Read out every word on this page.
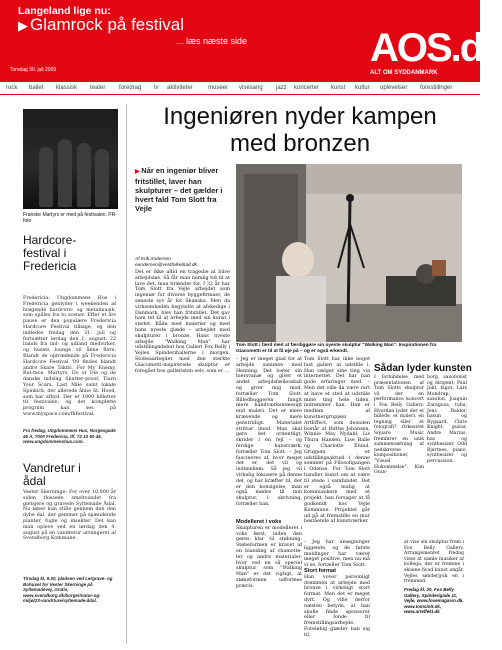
Langeland lige nu:
▶ Glamrock på festival
... læs næste side
Torsdag 30. juli 2009	AOS.dk
ALT OM SYDDANMARK
rock ballet klassisk teater foredrag tv aktiviteter	museer visesang jazz koncerter kunst kultur oplevelser forestillinger
Franske Martyrs er med på festivalen. PR-foto
Hardcore-festival i Fredericia
Fredericia: Ungdommens Hus i Fredericia genlyder i weekenden af brøgende hardcore- og metalmusik, som spilles fra to scener. Efter et års pause er den populære Fredericia Hardcore Festival tilbage, og den indledes fredag den 31. juli og fortsætter lørdag den 1. august. 22 bands fra ind- og udland medvirker, og husets lounge vil åbne flere. Blandt de optrædende på Fredericia Hardcore Festival '09 findes blandt andre Skare Taktic, For My Enemy, Rat-face, Martyrs, Do or Die og de danske indslag Shatter-proof, Tiarn Your Scars, Last Mile samt lokale Spinkick, der allerede åbne St. Hood, som har afbyd. Der er 1000 billetter til festivalen, og det komplette program kan ses på www.myspace.com/fhfestival.
Fra fredag, Ungdommens Hus, Norgesgade 45 A, 7000 Fredericia, tlf. 72 10 60 45, www.ungdommenshus.com.
Vandretur i ådal
Vester Skerninge: For over 10.000 år siden flossede smeltvandet fra gletsjere og gravede Syltemade Ådal. Nu løber kun stille gennem den den dybe dal, der gemmer på spændende planter, fugle og insekter. Det kan man opleve ved en lørdag den 4. august på en vandretur arrangeret af Svendborg Kommune.
Tirsdag kl. 9.30, pladsen ved Lergrave- og Bohuset for Vester Skerninge på Syltemadevej, Gratis, www.svendborg.dk/borger/natur-og-miljø/23-vandrture/syltemade-ådal.
Ingeniøren nyder kampen med bronzen
▶ Når en ingeniør bliver fritstillet, laver han skulpturer – det gælder i hvert fald Tom Slott fra Vejle
Af Erik Andersen
eandersen@vestfolkeblad.dk
Det er ikke altid en tragedie at blive arbejdsløs. Så får man nemlig tid til at lave det, man brænder for. I 32 år har Tom Slott fra Vejle arbejdet som ingeniør for diverse byggefirmaer, de seneste syv år for Skanska. Men da virksomheden begyndte at afskedige i Danmark, blev han fritstillet. Det gav ham tid til at arbejde med sin kunst i stedet. Både med malerier og med hans nyeste glæde – arbejdet med skulpturer i bronze. Hans nyeste arbejde "Walking Man" har udstillingsdebut hos Galleri Fox Belly i Vejles Spinderihallerne i morgen. Stobeaarbejdet med den sterkte Giacometti-inspirerede skulptur er foregået hos galleristen selv, som er ...
Tom Slott i færd med at færdiggøre sin nyeste skulptur "Walking Man". Inspirationen fra Giacometti er til at få øje på – og er også erkendt.
– Jeg er meget glad for at arbejde sammen med Henning. Det loster sin hiersvanæ og giver et andet arbejdsfællesskab og giver mig mod, fortæller Tom Slott. Billedhuggeren fangit mere håndværksmæssigt end maleri. Det er mere krævende og mere genstridigt. Materialet strittar imod. Man skal gøre det ordentligt, skrider i én fejl – og ferdige kunstværk, fortæller Tom Slott. – Jeg fascineres af, hvor meget det er, det vil og indimellem. Så jeg vil virkelig fokusere på denne del, og har kræfter til, der er den konsigelse, man også mødes til min skulptur, i skrivning, fortæller han.
Modelleret i voks
Skulpturen er modelleret i voks først, inden den gøres klar til støbning. Støbeformen er kravet af en blanding af chamotte-ler og andre materialer, hvor ved en så speciel skulptur som "Walking Man" er det vigtigt, at støbeformen udformes præcis.
Tom Slott har ikke noget fast galleri at udstille i. Han sælger sine ting via internettet. Det har han gode erfaringer med. – Men det ville da være rart at have et sted at udstille mine ting hele tiden, indrømmer han. Han er medlem af kunstnergruppen ArtEffect, som desuden består af Birthe Johansen, Winnie May Nydahl, Lis Thura Hansen, Lise Balle og Charlotte Elund. Gruppen er udstillingsaktuel i denne sommer på Filosofigangen i Odense. For Tom Slott handler kunst om at være til stede i samfundet. Det er også mulig at kommunikere med et projekt, han forsager at få godkendt hos Vejle Kommune. Projektet går ud på at fremstille en mur bestående af kunstværker.
Sådan lyder kunsten
I forbindelse med præsentationen af Tom Slotts skulptur vil der en performance koncert i Fox Belly Gallery. Hvordan lyder der et billede, et maleri, en tegning eller et fotografi? Orkestret Square Music fremfører en unik sammensætning af nedskrevne kompositioner, "Visuel Hukommelse". Kim Gran-
borg, saxofonist og dirigent, Paul Jukl, fagot, Lars Mondrup, saxofon, Joaquin Zaragoza, tuba, Jens Balder, basun og Rygaard, Chris Knight, guitar, Andre Marius, bas og synthesizer, Odd Bjertnes, piano, synthesizer og percussion.
– Jeg har ansøgninger liggende, og de første meldinger har været meget positive, men nu må vi se, fortæller Tom Slott.
Stort format
Han vover personligt drømmen at arbejde med bronze i virkeligt stort format. Men det er meget dyrt. Og ville derfor næsten betyde, at han skulle finde sponsorer eller fonde til fremstillingsarbejde. Foreløbig glæder han sig til
at vise sin skulptur frem i Fox Belly Gallery. Arrangementet fredag vises at samle musiker af kollega, der er fremme i skoene hvad kunst angår. Vejles sønderjysk en i fremmed.
Fredag kl. 20, Fox Belly Gallery, Spinderigade 11, Vejle, www.foxemagasin.dk, www.tomslott.dk, www.arteffekt.dk
